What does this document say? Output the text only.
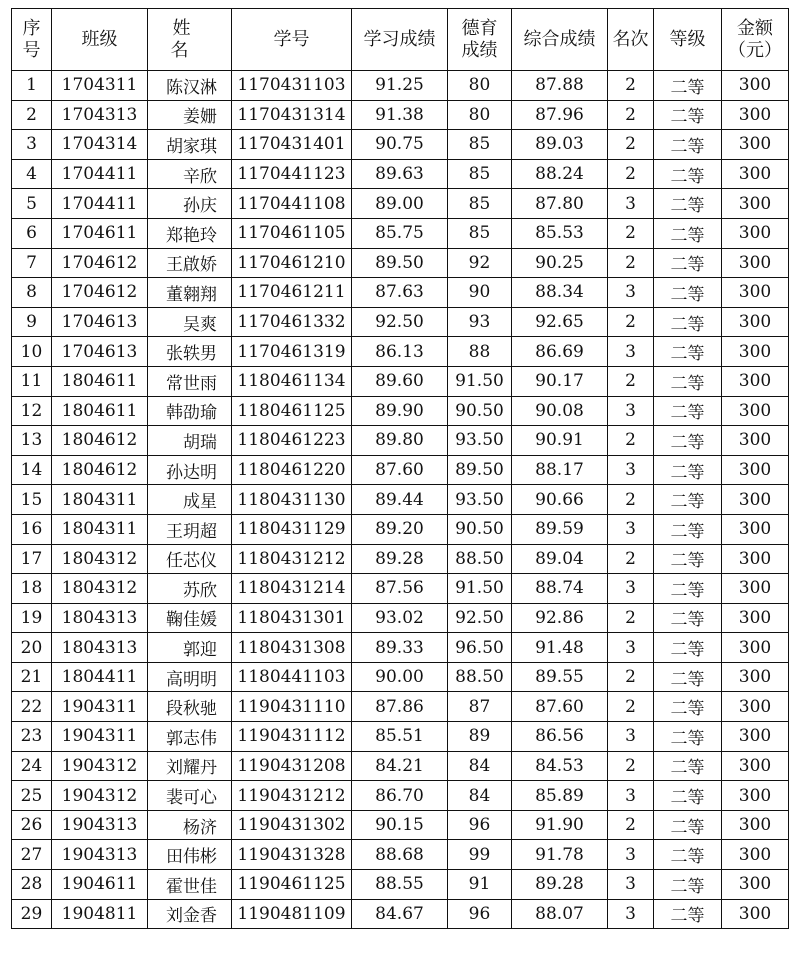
序号	班级	姓 名	学号	学习成绩	德育成绩	综合成绩	名次	等级	金额（元）
1	1704311	陈汉淋	1170431103	91.25	80	87.88	2	二等	300
2	1704313	姜姗	1170431314	91.38	80	87.96	2	二等	300
3	1704314	胡家琪	1170431401	90.75	85	89.03	2	二等	300
4	1704411	辛欣	1170441123	89.63	85	88.24	2	二等	300
5	1704411	孙庆	1170441108	89.00	85	87.80	3	二等	300
6	1704611	郑艳玲	1170461105	85.75	85	85.53	2	二等	300
7	1704612	王啟娇	1170461210	89.50	92	90.25	2	二等	300
8	1704612	董翱翔	1170461211	87.63	90	88.34	3	二等	300
9	1704613	吴爽	1170461332	92.50	93	92.65	2	二等	300
10	1704613	张轶男	1170461319	86.13	88	86.69	3	二等	300
11	1804611	常世雨	1180461134	89.60	91.50	90.17	2	二等	300
12	1804611	韩劭瑜	1180461125	89.90	90.50	90.08	3	二等	300
13	1804612	胡瑞	1180461223	89.80	93.50	90.91	2	二等	300
14	1804612	孙达明	1180461220	87.60	89.50	88.17	3	二等	300
15	1804311	成星	1180431130	89.44	93.50	90.66	2	二等	300
16	1804311	王玥超	1180431129	89.20	90.50	89.59	3	二等	300
17	1804312	任芯仪	1180431212	89.28	88.50	89.04	2	二等	300
18	1804312	苏欣	1180431214	87.56	91.50	88.74	3	二等	300
19	1804313	鞠佳媛	1180431301	93.02	92.50	92.86	2	二等	300
20	1804313	郭迎	1180431308	89.33	96.50	91.48	3	二等	300
21	1804411	高明明	1180441103	90.00	88.50	89.55	2	二等	300
22	1904311	段秋驰	1190431110	87.86	87	87.60	2	二等	300
23	1904311	郭志伟	1190431112	85.51	89	86.56	3	二等	300
24	1904312	刘耀丹	1190431208	84.21	84	84.53	2	二等	300
25	1904312	裴可心	1190431212	86.70	84	85.89	3	二等	300
26	1904313	杨济	1190431302	90.15	96	91.90	2	二等	300
27	1904313	田伟彬	1190431328	88.68	99	91.78	3	二等	300
28	1904611	霍世佳	1190461125	88.55	91	89.28	3	二等	300
29	1904811	刘金香	1190481109	84.67	96	88.07	3	二等	300
